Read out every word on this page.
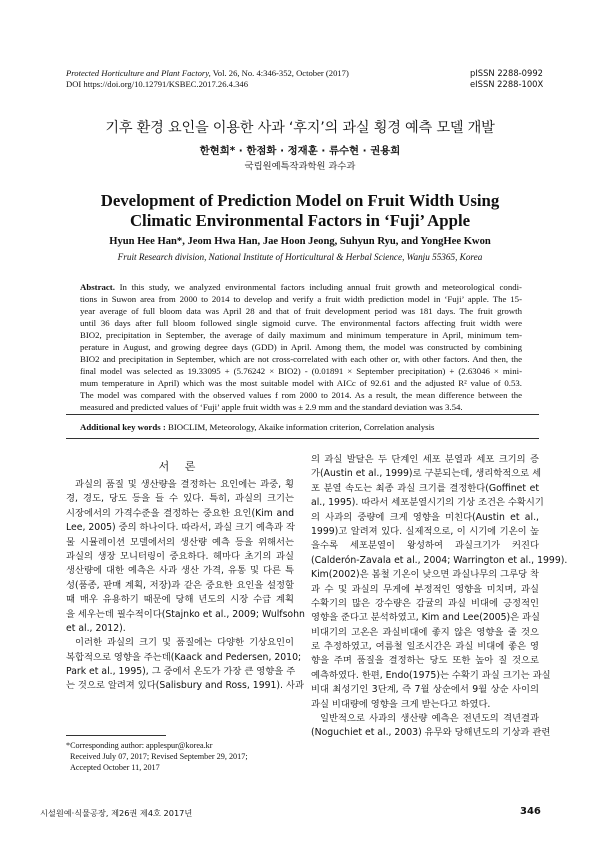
Protected Horticulture and Plant Factory, Vol. 26, No. 4:346-352, October (2017)
DOI https://doi.org/10.12791/KSBEC.2017.26.4.346
pISSN 2288-0992
eISSN 2288-100X
기후 환경 요인을 이용한 사과 ‘후지’의 과실 횡경 예측 모델 개발
한현희* · 한점화 · 정재훈 · 류수현 · 권용희
국립원예특작과학원 과수과
Development of Prediction Model on Fruit Width Using
Climatic Environmental Factors in ‘Fuji’ Apple
Hyun Hee Han*, Jeom Hwa Han, Jae Hoon Jeong, Suhyun Ryu, and YongHee Kwon
Fruit Research division, National Institute of Horticultural & Herbal Science, Wanju 55365, Korea
Abstract. In this study, we analyzed environmental factors including annual fruit growth and meteorological condi-
tions in Suwon area from 2000 to 2014 to develop and verify a fruit width prediction model in ‘Fuji’ apple. The 15-
year average of full bloom data was April 28 and that of fruit development period was 181 days. The fruit growth
until 36 days after full bloom followed single sigmoid curve. The environmental factors affecting fruit width were
BIO2, precipitation in September, the average of daily maximum and minimum temperature in April, minimum tem-
perature in August, and growing degree days (GDD) in April. Among them, the model was constructed by combining
BIO2 and precipitation in September, which are not cross-correlated with each other or, with other factors. And then, the
final model was selected as 19.33095 + (5.76242 × BIO2) - (0.01891 × September precipitation) + (2.63046 × mini-
mum temperature in April) which was the most suitable model with AICc of 92.61 and the adjusted R² value of 0.53.
The model was compared with the observed values f rom 2000 to 2014. As a result, the mean difference between the
measured and predicted values of ‘Fuji’ apple fruit width was ± 2.9 mm and the standard deviation was 3.54.
Additional key words : BIOCLIM, Meteorology, Akaike information criterion, Correlation analysis
서 론
과실의 품질 및 생산량을 결정하는 요인에는 과중, 횡
경, 경도, 당도 등을 들 수 있다. 특히, 과실의 크기는
시장에서의 가격수준을 결정하는 중요한 요인(Kim and
Lee, 2005) 중의 하나이다. 따라서, 과실 크기 예측과 작
물 시뮬레이션 모델에서의 생산량 예측 등을 위해서는
과실의 생장 모니터링이 중요하다. 헤마다 초기의 과실
생산량에 대한 예측은 사과 생산 가격, 유통 및 다른 특
성(품종, 판매 계획, 저장)과 같은 중요한 요인을 설정할
때 매우 유용하기 때문에 당해 년도의 시장 수급 계획
을 세우는데 필수적이다(Stajnko et al., 2009; Wulfsohn
et al., 2012).
이러한 과실의 크기 및 품질에는 다양한 기상요인이
복합적으로 영향을 주는데(Kaack and Pedersen, 2010;
Park et al., 1995), 그 중에서 온도가 가장 큰 영향을 주
는 것으로 알려져 있다(Salisbury and Ross, 1991). 사과
의 과실 발달은 두 단계인 세포 분열과 세포 크기의 증
가(Austin et al., 1999)로 구분되는데, 생리학적으로 세
포 분열 속도는 최종 과실 크기를 결정한다(Goffinet et
al., 1995). 따라서 세포분열시기의 기상 조건은 수확시기
의 사과의 중량에 크게 영향을 미친다(Austin et al.,
1999)고 알려져 있다. 실제적으로, 이 시기에 기온이 높
을수록 세포분열이 왕성하여 과실크기가 커진다
(Calderón-Zavala et al., 2004; Warrington et al., 1999).
Kim(2002)은 봄철 기온이 낮으면 과실나무의 그루당 착
과 수 및 과실의 무게에 부정적인 영향을 미치며, 과실
수확기의 많은 강수량은 감귤의 과실 비대에 긍정적인
영향을 준다고 분석하였고, Kim and Lee(2005)은 과실
비대기의 고온은 과실비대에 좋지 않은 영향을 줄 것으
로 추정하였고, 여름철 일조시간은 과실 비대에 좋은 영
향을 주며 품질을 결정하는 당도 또한 높아 질 것으로
예측하였다. 한편, Endo(1975)는 수확기 과실 크기는 과실
비대 최성기인 3단계, 즉 7월 상순에서 9월 상순 사이의
과실 비대량에 영향을 크게 받는다고 하였다.
일반적으로 사과의 생산량 예측은 전년도의 격년결과
(Noguchiet et al., 2003) 유무와 당해년도의 기상과 관련
*Corresponding author: applespur@korea.kr
Received July 07, 2017; Revised September 29, 2017;
Accepted October 11, 2017
시설원예‧식물공장, 제26권 제4호 2017년	346
